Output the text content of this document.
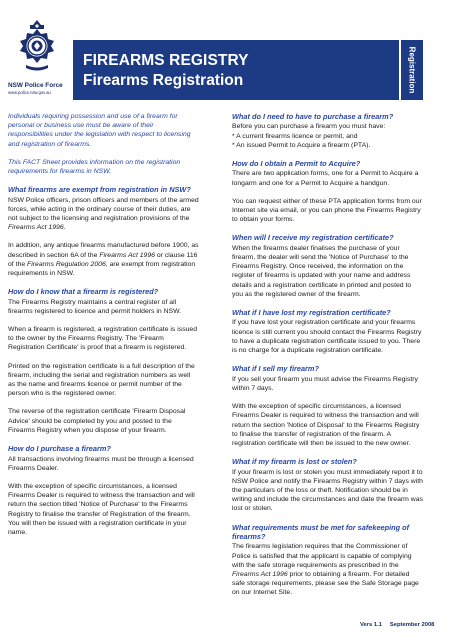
NSW Police Force
www.police.nsw.gov.au
FIREARMS REGISTRY
Firearms Registration	Registration

Individuals requiring possession and use of a firearm for personal or business use must be aware of their responsibilities under the legislation with respect to licensing and registration of firearms.

This FACT Sheet provides information on the registration requirements for firearms in NSW.

What firearms are exempt from registration in NSW?

NSW Police officers, prison officers and members of the armed forces, while acting in the ordinary course of their duties, are not subject to the licensing and registration provisions of the Firearms Act 1996.

In addition, any antique firearms manufactured before 1900, as described in section 6A of the Firearms Act 1996 or clause 116 of the Firearms Regulation 2006, are exempt from registration requirements in NSW.

How do I know that a firearm is registered?

The Firearms Registry maintains a central register of all firearms registered to licence and permit holders in NSW.

When a firearm is registered, a registration certificate is issued to the owner by the Firearms Registry. The 'Firearm Registration Certificate' is proof that a firearm is registered.

Printed on the registration certificate is a full description of the firearm, including the serial and registration numbers as well as the name and firearms licence or permit number of the person who is the registered owner.

The reverse of the registration certificate 'Firearm Disposal Advice' should be completed by you and posted to the Firearms Registry when you dispose of your firearm.

How do I purchase a firearm?

All transactions involving firearms must be through a licensed Firearms Dealer.

With the exception of specific circumstances, a licensed Firearms Dealer is required to witness the transaction and will return the section titled 'Notice of Purchase' to the Firearms Registry to finalise the transfer of Registration of the firearm. You will then be issued with a registration certificate in your name.

What do I need to have to purchase a firearm?
Before you can purchase a firearm you must have:
* A current firearms licence or permit, and

* An issued Permit to Acquire a firearm (PTA).

How do I obtain a Permit to Acquire?

There are two application forms, one for a Permit to Acquire a longarm and one for a Permit to Acquire a handgun.

You can request either of these PTA application forms from our Internet site via email, or you can phone the Firearms Registry to obtain your forms.

When will I receive my registration certificate?

When the firearms dealer finalises the purchase of your firearm, the dealer will send the 'Notice of Purchase' to the Firearms Registry. Once received, the information on the register of firearms is updated with your name and address details and a registration certificate in printed and posted to you as the registered owner of the firearm.

What if I have lost my registration certificate?

If you have lost your registration certificate and your firearms licence is still current you should contact the Firearms Registry to have a duplicate registration certificate issued to you. There is no charge for a duplicate registration certificate.

What if I sell my firearm?

If you sell your firearm you must advise the Firearms Registry within 7 days.

With the exception of specific circumstances, a licensed Firearms Dealer is required to witness the transaction and will return the section 'Notice of Disposal' to the Firearms Registry to finalise the transfer of registration of the firearm. A registration certificate will then be issued to the new owner.

What if my firearm is lost or stolen?

If your firearm is lost or stolen you must immediately report it to NSW Police and notify the Firearms Registry within 7 days with the particulars of the loss or theft. Notification should be in writing and include the circumstances and date the firearm was lost or stolen.

What requirements must be met for safekeeping of firearms?

The firearms legislation requires that the Commissioner of Police is satisfied that the applicant is capable of complying with the safe storage requirements as prescribed in the Firearms Act 1996 prior to obtaining a firearm. For detailed safe storage requirements, please see the Safe Storage page on our Internet Site.

Vers 1.1 September 2008
